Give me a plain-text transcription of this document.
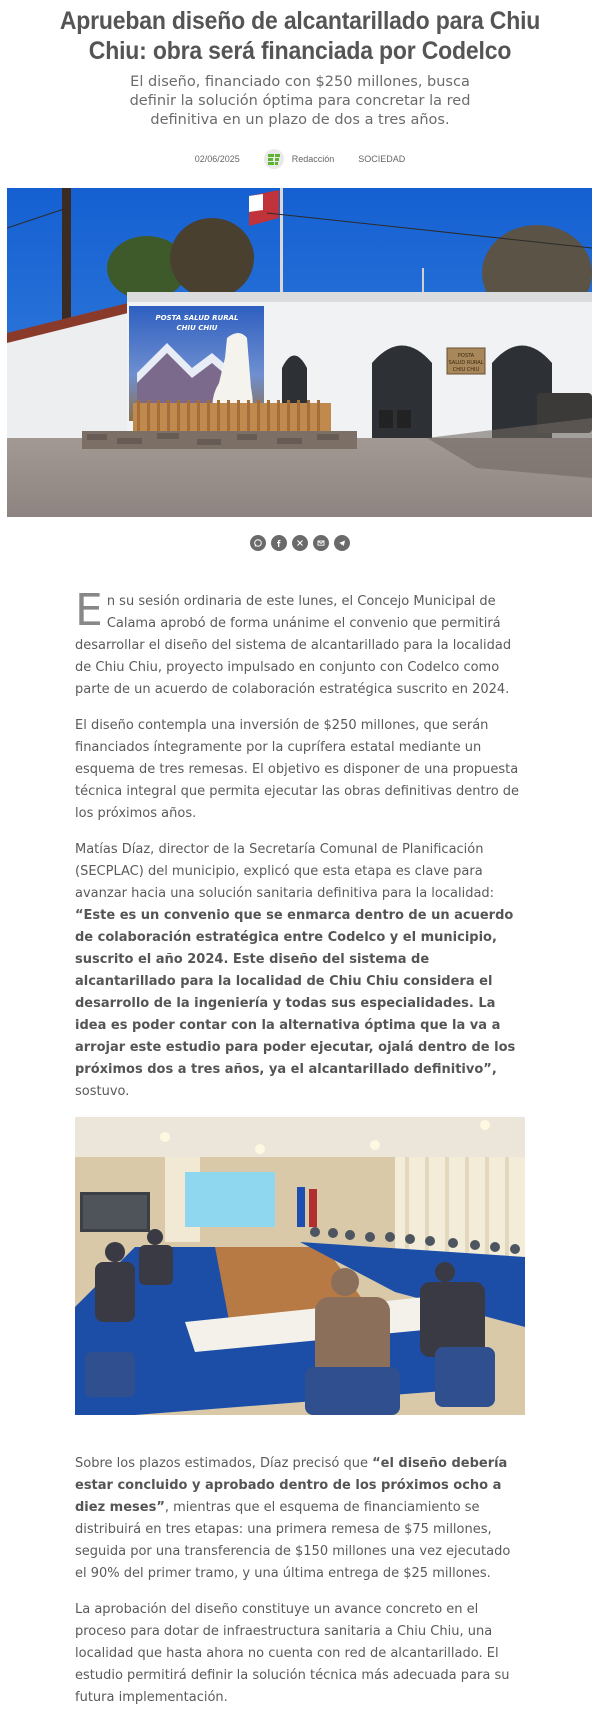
Aprueban diseño de alcantarillado para Chiu Chiu: obra será financiada por Codelco
El diseño, financiado con $250 millones, busca definir la solución óptima para concretar la red definitiva en un plazo de dos a tres años.
02/06/2025	Redacción	SOCIEDAD
POSTA
SALUD RURAL
CHIU CHIU
POSTA SALUD RURAL
CHIU CHIU

En su sesión ordinaria de este lunes, el Concejo Municipal de Calama aprobó de forma unánime el convenio que permitirá desarrollar el diseño del sistema de alcantarillado para la localidad de Chiu Chiu, proyecto impulsado en conjunto con Codelco como parte de un acuerdo de colaboración estratégica suscrito en 2024.

El diseño contempla una inversión de $250 millones, que serán financiados íntegramente por la cuprífera estatal mediante un esquema de tres remesas. El objetivo es disponer de una propuesta técnica integral que permita ejecutar las obras definitivas dentro de los próximos años.

Matías Díaz, director de la Secretaría Comunal de Planificación (SECPLAC) del municipio, explicó que esta etapa es clave para avanzar hacia una solución sanitaria definitiva para la localidad: “Este es un convenio que se enmarca dentro de un acuerdo de colaboración estratégica entre Codelco y el municipio, suscrito el año 2024. Este diseño del sistema de alcantarillado para la localidad de Chiu Chiu considera el desarrollo de la ingeniería y todas sus especialidades. La idea es poder contar con la alternativa óptima que la va a arrojar este estudio para poder ejecutar, ojalá dentro de los próximos dos a tres años, ya el alcantarillado definitivo”, sostuvo.

Sobre los plazos estimados, Díaz precisó que “el diseño debería estar concluido y aprobado dentro de los próximos ocho a diez meses”, mientras que el esquema de financiamiento se distribuirá en tres etapas: una primera remesa de $75 millones, seguida por una transferencia de $150 millones una vez ejecutado el 90% del primer tramo, y una última entrega de $25 millones.

La aprobación del diseño constituye un avance concreto en el proceso para dotar de infraestructura sanitaria a Chiu Chiu, una localidad que hasta ahora no cuenta con red de alcantarillado. El estudio permitirá definir la solución técnica más adecuada para su futura implementación.
